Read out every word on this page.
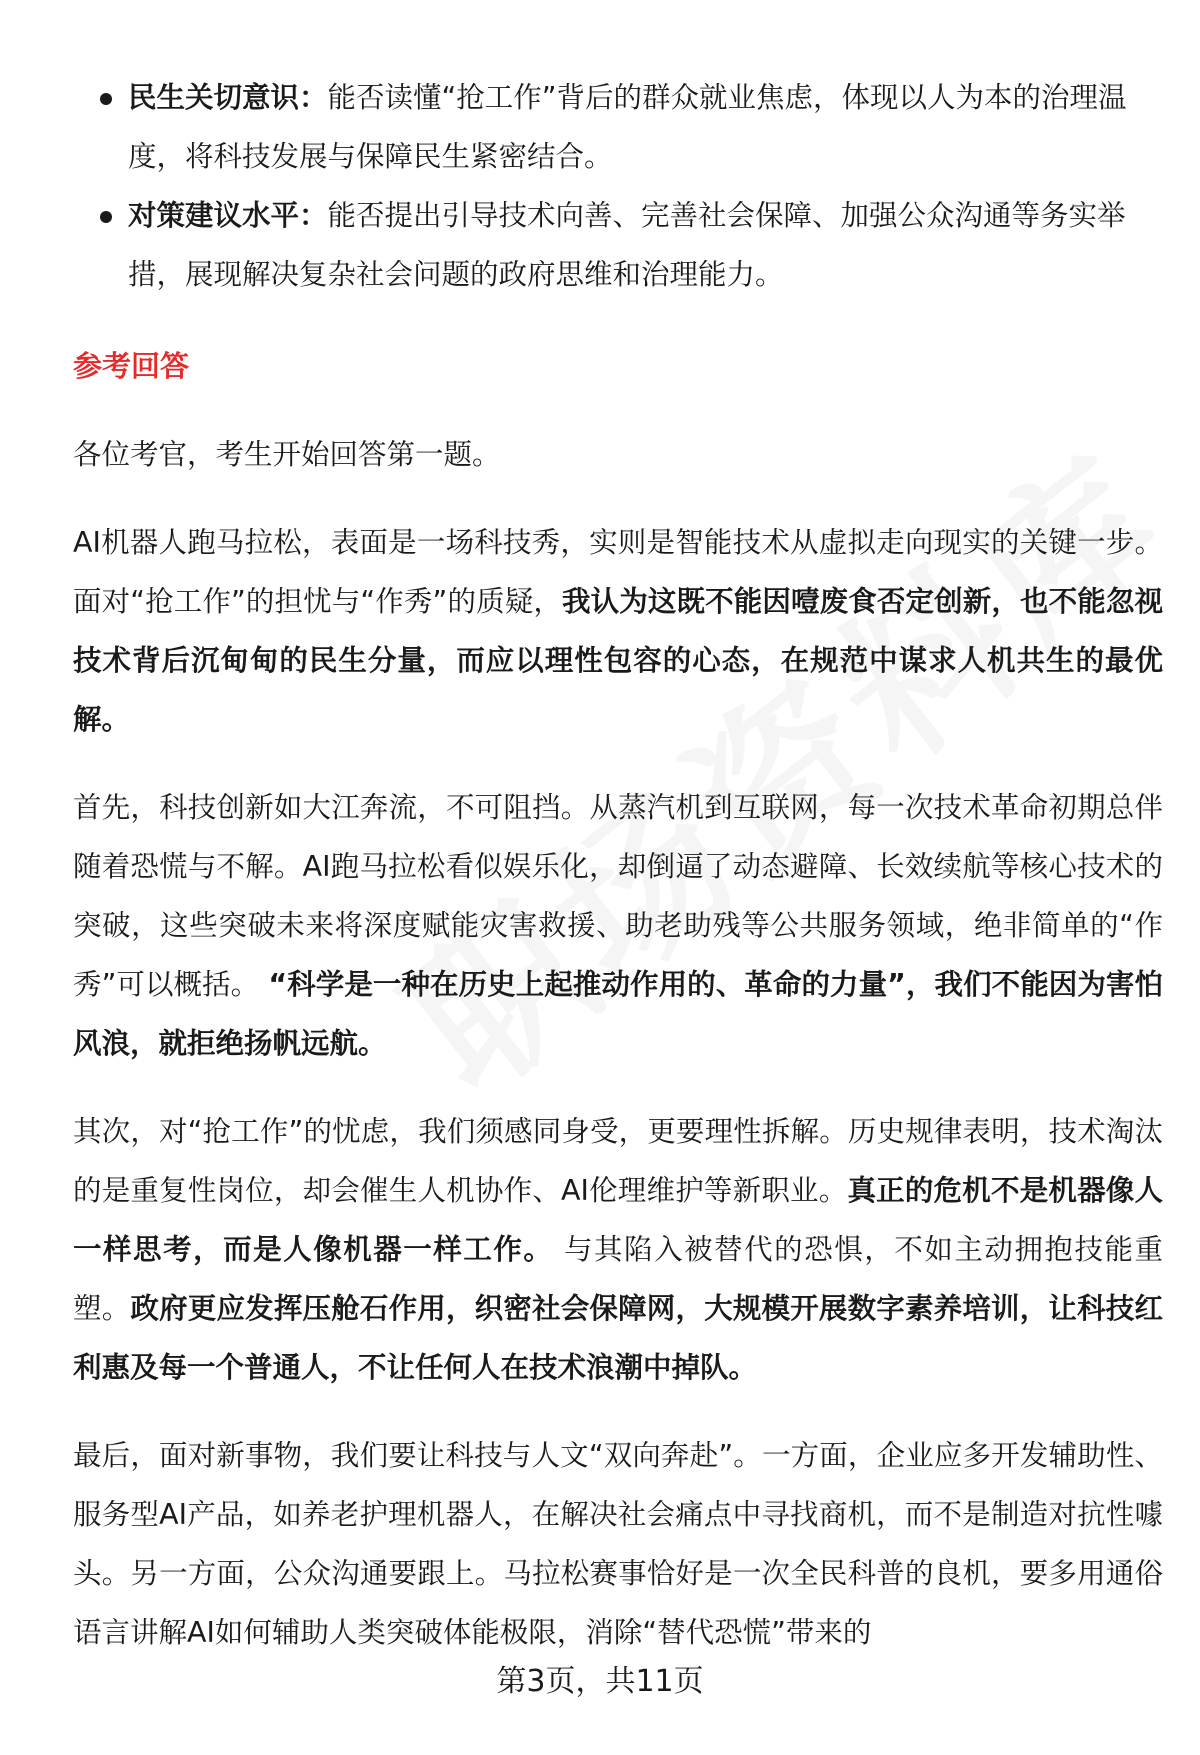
民生关切意识：能否读懂“抢工作”背后的群众就业焦虑，体现以人为本的治理温度，将科技发展与保障民生紧密结合。
对策建议水平：能否提出引导技术向善、完善社会保障、加强公众沟通等务实举措，展现解决复杂社会问题的政府思维和治理能力。
参考回答

各位考官，考生开始回答第一题。

AI机器人跑马拉松，表面是一场科技秀，实则是智能技术从虚拟走向现实的关键一步。面对“抢工作”的担忧与“作秀”的质疑，我认为这既不能因噎废食否定创新，也不能忽视技术背后沉甸甸的民生分量，而应以理性包容的心态，在规范中谋求人机共生的最优解。

首先，科技创新如大江奔流，不可阻挡。从蒸汽机到互联网，每一次技术革命初期总伴随着恐慌与不解。AI跑马拉松看似娱乐化，却倒逼了动态避障、长效续航等核心技术的突破，这些突破未来将深度赋能灾害救援、助老助残等公共服务领域，绝非简单的“作秀”可以概括。 “科学是一种在历史上起推动作用的、革命的力量”，我们不能因为害怕风浪，就拒绝扬帆远航。

其次，对“抢工作”的忧虑，我们须感同身受，更要理性拆解。历史规律表明，技术淘汰的是重复性岗位，却会催生人机协作、AI伦理维护等新职业。真正的危机不是机器像人一样思考，而是人像机器一样工作。 与其陷入被替代的恐惧，不如主动拥抱技能重塑。政府更应发挥压舱石作用，织密社会保障网，大规模开展数字素养培训，让科技红利惠及每一个普通人，不让任何人在技术浪潮中掉队。

最后，面对新事物，我们要让科技与人文“双向奔赴”。一方面，企业应多开发辅助性、服务型AI产品，如养老护理机器人，在解决社会痛点中寻找商机，而不是制造对抗性噱头。另一方面，公众沟通要跟上。马拉松赛事恰好是一次全民科普的良机，要多用通俗语言讲解AI如何辅助人类突破体能极限，消除“替代恐慌”带来的

第3页，共11页
